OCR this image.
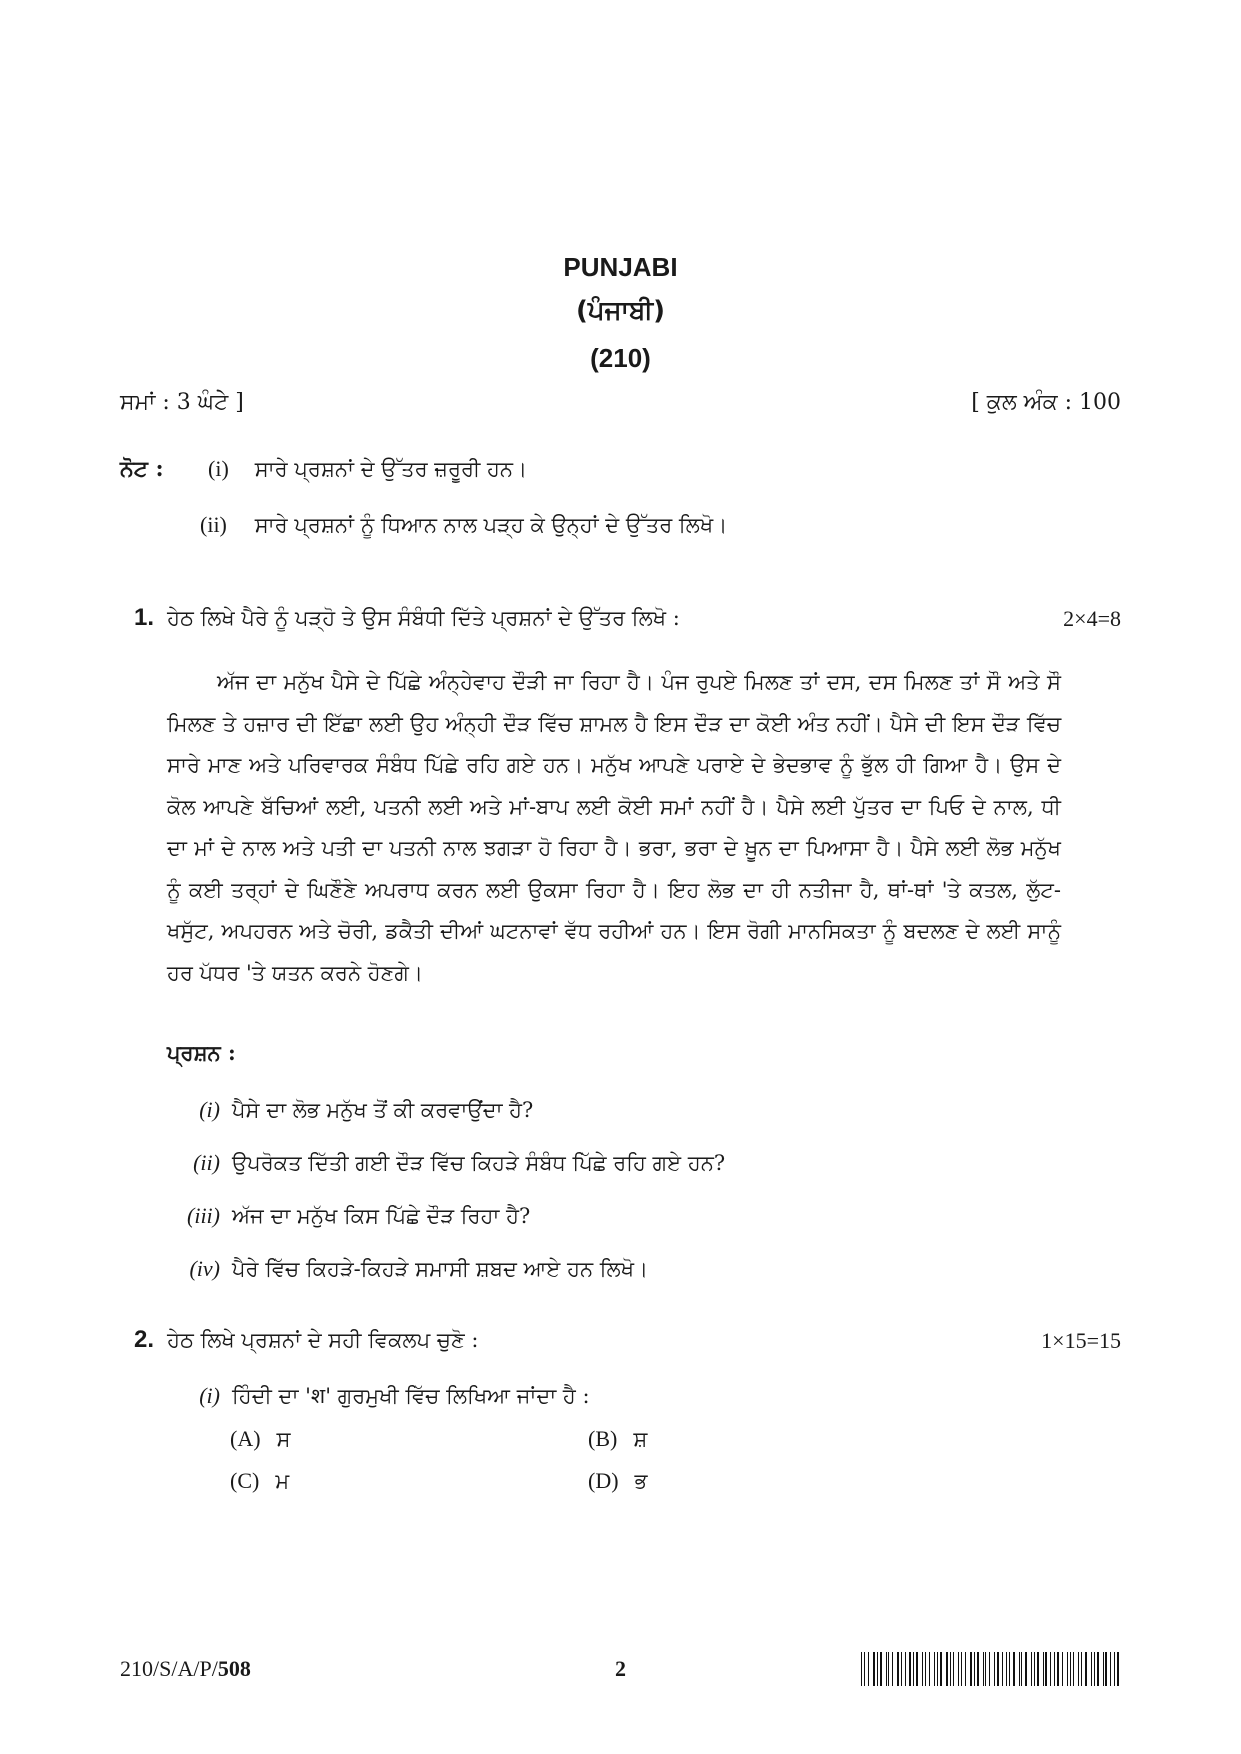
PUNJABI
(ਪੰਜਾਬੀ)
(210)
ਸਮਾਂ : 3 ਘੰਟੇ ]	[ ਕੁਲ ਅੰਕ : 100
ਨੋਟ : (i) ਸਾਰੇ ਪ੍ਰਸ਼ਨਾਂ ਦੇ ਉੱਤਰ ਜ਼ਰੂਰੀ ਹਨ।
(ii) ਸਾਰੇ ਪ੍ਰਸ਼ਨਾਂ ਨੂੰ ਧਿਆਨ ਨਾਲ ਪੜ੍ਹ ਕੇ ਉਨ੍ਹਾਂ ਦੇ ਉੱਤਰ ਲਿਖੋ।
1. ਹੇਠ ਲਿਖੇ ਪੈਰੇ ਨੂੰ ਪੜ੍ਹੋ ਤੇ ਉਸ ਸੰਬੰਧੀ ਦਿੱਤੇ ਪ੍ਰਸ਼ਨਾਂ ਦੇ ਉੱਤਰ ਲਿਖੋ :	2×4=8
ਅੱਜ ਦਾ ਮਨੁੱਖ ਪੈਸੇ ਦੇ ਪਿੱਛੇ ਅੰਨ੍ਹੇਵਾਹ ਦੌੜੀ ਜਾ ਰਿਹਾ ਹੈ। ਪੰਜ ਰੁਪਏ ਮਿਲਣ ਤਾਂ ਦਸ, ਦਸ ਮਿਲਣ ਤਾਂ ਸੌ ਅਤੇ ਸੌ ਮਿਲਣ ਤੇ ਹਜ਼ਾਰ ਦੀ ਇੱਛਾ ਲਈ ਉਹ ਅੰਨ੍ਹੀ ਦੌੜ ਵਿੱਚ ਸ਼ਾਮਲ ਹੈ ਇਸ ਦੌੜ ਦਾ ਕੋਈ ਅੰਤ ਨਹੀਂ। ਪੈਸੇ ਦੀ ਇਸ ਦੌੜ ਵਿੱਚ ਸਾਰੇ ਮਾਣ ਅਤੇ ਪਰਿਵਾਰਕ ਸੰਬੰਧ ਪਿੱਛੇ ਰਹਿ ਗਏ ਹਨ। ਮਨੁੱਖ ਆਪਣੇ ਪਰਾਏ ਦੇ ਭੇਦਭਾਵ ਨੂੰ ਭੁੱਲ ਹੀ ਗਿਆ ਹੈ। ਉਸ ਦੇ ਕੋਲ ਆਪਣੇ ਬੱਚਿਆਂ ਲਈ, ਪਤਨੀ ਲਈ ਅਤੇ ਮਾਂ-ਬਾਪ ਲਈ ਕੋਈ ਸਮਾਂ ਨਹੀਂ ਹੈ। ਪੈਸੇ ਲਈ ਪੁੱਤਰ ਦਾ ਪਿਓ ਦੇ ਨਾਲ, ਧੀ ਦਾ ਮਾਂ ਦੇ ਨਾਲ ਅਤੇ ਪਤੀ ਦਾ ਪਤਨੀ ਨਾਲ ਝਗੜਾ ਹੋ ਰਿਹਾ ਹੈ। ਭਰਾ, ਭਰਾ ਦੇ ਖ਼ੂਨ ਦਾ ਪਿਆਸਾ ਹੈ। ਪੈਸੇ ਲਈ ਲੋਭ ਮਨੁੱਖ ਨੂੰ ਕਈ ਤਰ੍ਹਾਂ ਦੇ ਘਿਣੌਣੇ ਅਪਰਾਧ ਕਰਨ ਲਈ ਉਕਸਾ ਰਿਹਾ ਹੈ। ਇਹ ਲੋਭ ਦਾ ਹੀ ਨਤੀਜਾ ਹੈ, ਥਾਂ-ਥਾਂ 'ਤੇ ਕਤਲ, ਲੁੱਟ-ਖਸੁੱਟ, ਅਪਹਰਨ ਅਤੇ ਚੋਰੀ, ਡਕੈਤੀ ਦੀਆਂ ਘਟਨਾਵਾਂ ਵੱਧ ਰਹੀਆਂ ਹਨ। ਇਸ ਰੋਗੀ ਮਾਨਸਿਕਤਾ ਨੂੰ ਬਦਲਣ ਦੇ ਲਈ ਸਾਨੂੰ ਹਰ ਪੱਧਰ 'ਤੇ ਯਤਨ ਕਰਨੇ ਹੋਣਗੇ।
ਪ੍ਰਸ਼ਨ :
(i) ਪੈਸੇ ਦਾ ਲੋਭ ਮਨੁੱਖ ਤੋਂ ਕੀ ਕਰਵਾਉਂਦਾ ਹੈ?
(ii) ਉਪਰੋਕਤ ਦਿੱਤੀ ਗਈ ਦੌੜ ਵਿੱਚ ਕਿਹੜੇ ਸੰਬੰਧ ਪਿੱਛੇ ਰਹਿ ਗਏ ਹਨ?
(iii) ਅੱਜ ਦਾ ਮਨੁੱਖ ਕਿਸ ਪਿੱਛੇ ਦੌੜ ਰਿਹਾ ਹੈ?
(iv) ਪੈਰੇ ਵਿੱਚ ਕਿਹੜੇ-ਕਿਹੜੇ ਸਮਾਸੀ ਸ਼ਬਦ ਆਏ ਹਨ ਲਿਖੋ।
2. ਹੇਠ ਲਿਖੇ ਪ੍ਰਸ਼ਨਾਂ ਦੇ ਸਹੀ ਵਿਕਲਪ ਚੁਣੋ :	1×15=15
(i) ਹਿੰਦੀ ਦਾ 'श' ਗੁਰਮੁਖੀ ਵਿੱਚ ਲਿਖਿਆ ਜਾਂਦਾ ਹੈ :
(A) ਸ	(B) ਸ਼
(C) ਮ	(D) ਭ
210/S/A/P/508	2
